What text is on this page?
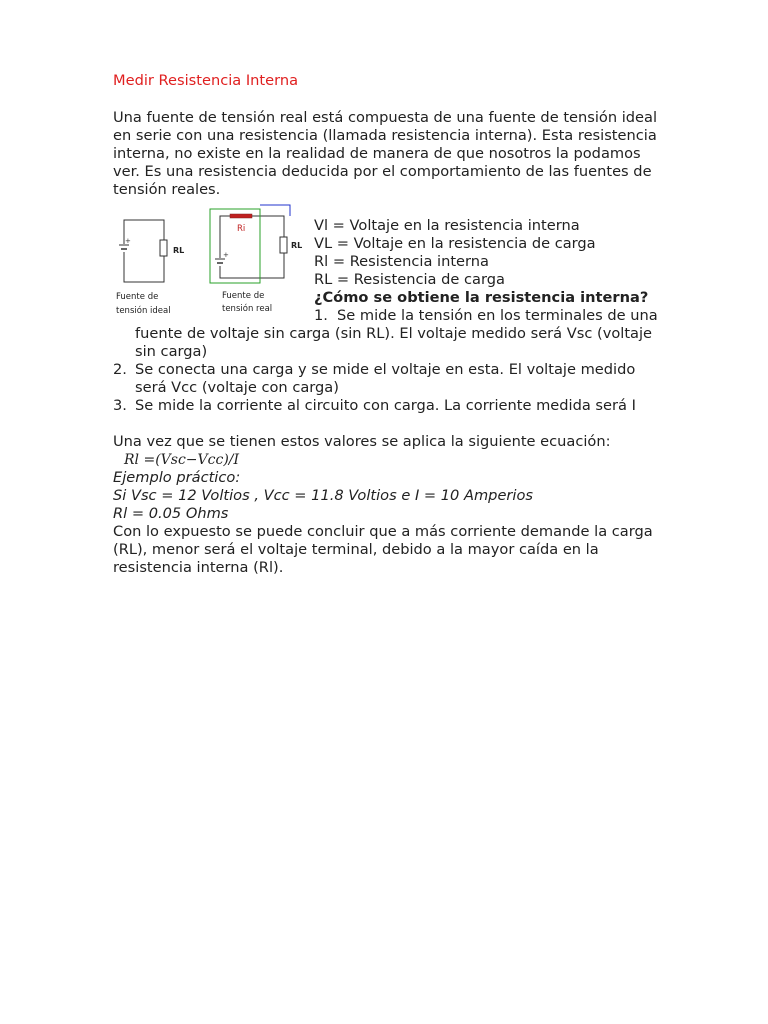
Medir Resistencia Interna
Una fuente de tensión real está compuesta de una fuente de tensión ideal
en serie con una resistencia (llamada resistencia interna). Esta resistencia
interna, no existe en la realidad de manera de que nosotros la podamos
ver. Es una resistencia deducida por el comportamiento de las fuentes de
tensión reales.
+
RL
Fuente de
tensión ideal
Ri
RL
+
Fuente de
tensión real
Vl = Voltaje en la resistencia interna
VL = Voltaje en la resistencia de carga
Rl = Resistencia interna
RL = Resistencia de carga
¿Cómo se obtiene la resistencia interna?
1. Se mide la tensión en los terminales de una
fuente de voltaje sin carga (sin RL). El voltaje medido será Vsc (voltaje
sin carga)
2. Se conecta una carga y se mide el voltaje en esta. El voltaje medido
será Vcc (voltaje con carga)
3. Se mide la corriente al circuito con carga. La corriente medida será I
Una vez que se tienen estos valores se aplica la siguiente ecuación:
Rl =(Vsc−Vcc)/I
Ejemplo práctico:
Si Vsc = 12 Voltios , Vcc = 11.8 Voltios e I = 10 Amperios
Rl = 0.05 Ohms
Con lo expuesto se puede concluir que a más corriente demande la carga
(RL), menor será el voltaje terminal, debido a la mayor caída en la
resistencia interna (Rl).
